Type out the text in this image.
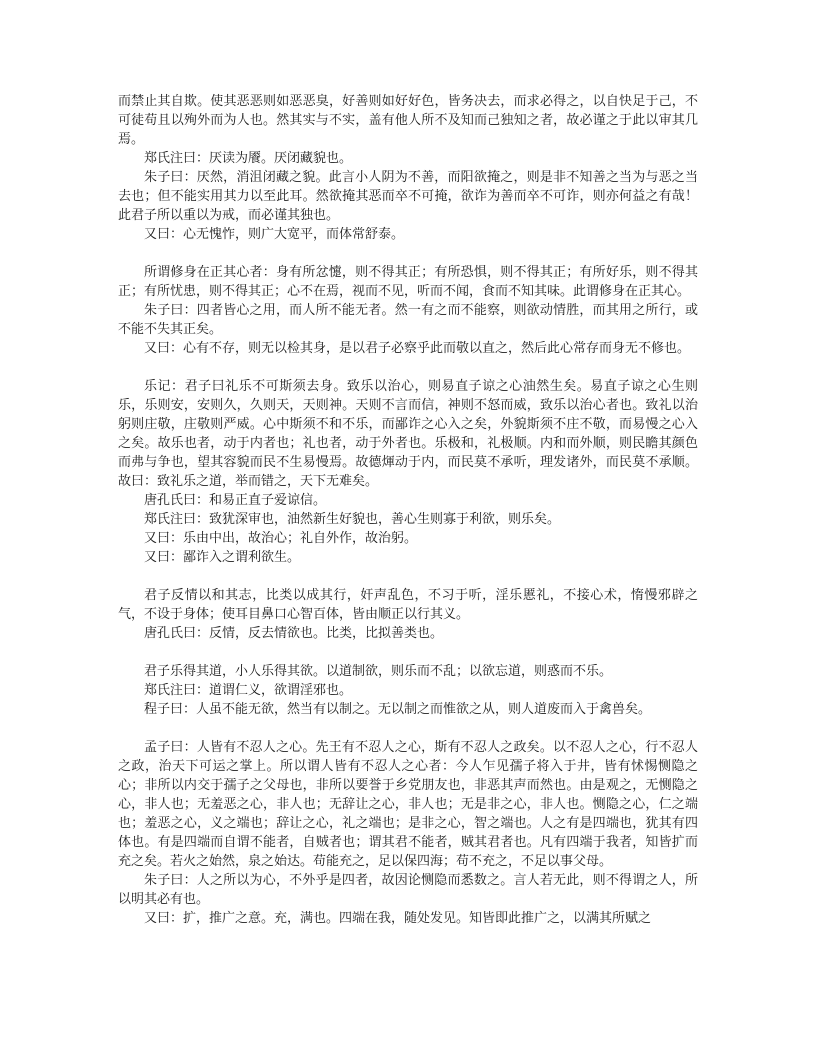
而禁止其自欺。使其恶恶则如恶恶臭，好善则如好好色，皆务决去，而求必得之，以自快足于己，不可徒苟且以殉外而为人也。然其实与不实，盖有他人所不及知而己独知之者，故必谨之于此以审其几焉。

郑氏注曰：厌读为餍。厌闭藏貌也。

朱子曰：厌然，消沮闭藏之貌。此言小人阴为不善，而阳欲掩之，则是非不知善之当为与恶之当去也；但不能实用其力以至此耳。然欲掩其恶而卒不可掩，欲诈为善而卒不可诈，则亦何益之有哉！此君子所以重以为戒，而必谨其独也。

又曰：心无愧怍，则广大宽平，而体常舒泰。

所谓修身在正其心者：身有所忿懥，则不得其正；有所恐惧，则不得其正；有所好乐，则不得其正；有所忧患，则不得其正；心不在焉，视而不见，听而不闻，食而不知其味。此谓修身在正其心。

朱子曰：四者皆心之用，而人所不能无者。然一有之而不能察，则欲动情胜，而其用之所行，或不能不失其正矣。

又曰：心有不存，则无以检其身，是以君子必察乎此而敬以直之，然后此心常存而身无不修也。

乐记：君子曰礼乐不可斯须去身。致乐以治心，则易直子谅之心油然生矣。易直子谅之心生则乐，乐则安，安则久，久则天，天则神。天则不言而信，神则不怒而威，致乐以治心者也。致礼以治躬则庄敬，庄敬则严威。心中斯须不和不乐，而鄙诈之心入之矣，外貌斯须不庄不敬，而易慢之心入之矣。故乐也者，动于内者也；礼也者，动于外者也。乐极和，礼极顺。内和而外顺，则民瞻其颜色而弗与争也，望其容貌而民不生易慢焉。故德煇动于内，而民莫不承听，理发诸外，而民莫不承顺。故曰：致礼乐之道，举而错之，天下无难矣。

唐孔氏曰：和易正直子爱谅信。

郑氏注曰：致犹深审也，油然新生好貌也，善心生则寡于利欲，则乐矣。

又曰：乐由中出，故治心；礼自外作，故治躬。

又曰：鄙诈入之谓利欲生。

君子反情以和其志，比类以成其行，奸声乱色，不习于听，淫乐慝礼，不接心术，惰慢邪辟之气，不设于身体；使耳目鼻口心智百体，皆由顺正以行其义。

唐孔氏曰：反情，反去情欲也。比类，比拟善类也。

君子乐得其道，小人乐得其欲。以道制欲，则乐而不乱；以欲忘道，则惑而不乐。

郑氏注曰：道谓仁义，欲谓淫邪也。

程子曰：人虽不能无欲，然当有以制之。无以制之而惟欲之从，则人道废而入于禽兽矣。

孟子曰：人皆有不忍人之心。先王有不忍人之心，斯有不忍人之政矣。以不忍人之心，行不忍人之政，治天下可运之掌上。所以谓人皆有不忍人之心者：今人乍见孺子将入于井，皆有怵惕恻隐之心；非所以内交于孺子之父母也，非所以要誉于乡党朋友也，非恶其声而然也。由是观之，无恻隐之心，非人也；无羞恶之心，非人也；无辞让之心，非人也；无是非之心，非人也。恻隐之心，仁之端也；羞恶之心，义之端也；辞让之心，礼之端也；是非之心，智之端也。人之有是四端也，犹其有四体也。有是四端而自谓不能者，自贼者也；谓其君不能者，贼其君者也。凡有四端于我者，知皆扩而充之矣。若火之始然，泉之始达。苟能充之，足以保四海；苟不充之，不足以事父母。

朱子曰：人之所以为心，不外乎是四者，故因论恻隐而悉数之。言人若无此，则不得谓之人，所以明其必有也。

又曰：扩，推广之意。充，满也。四端在我，随处发见。知皆即此推广之，以满其所赋之
